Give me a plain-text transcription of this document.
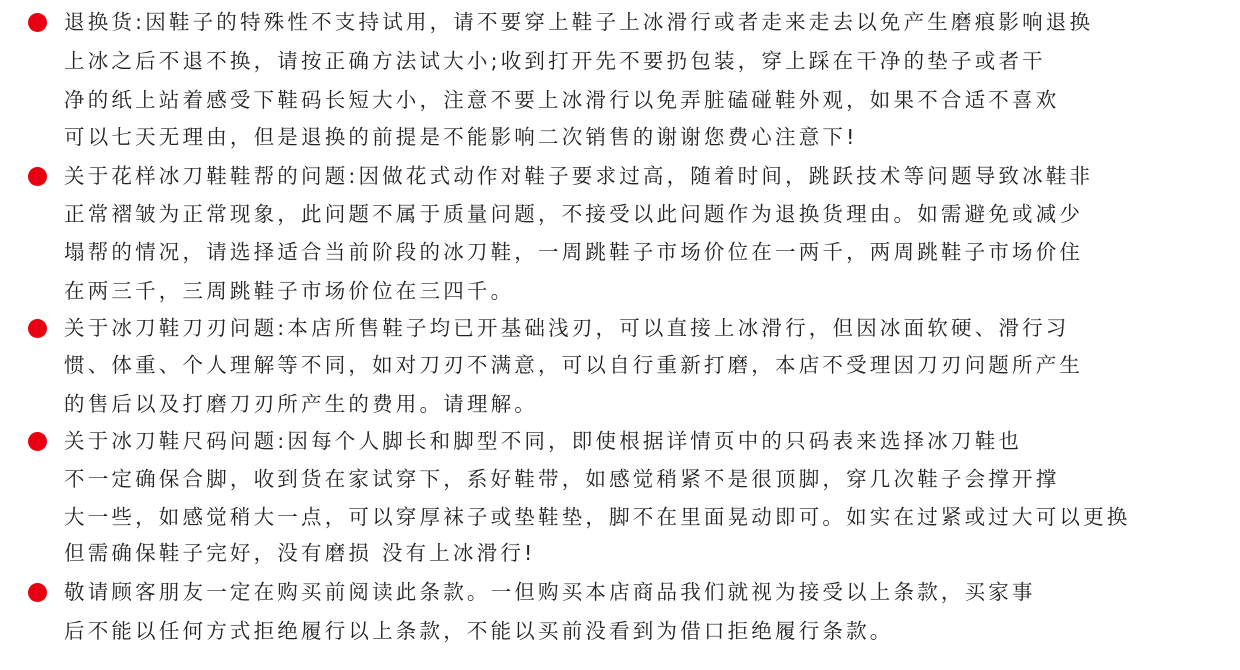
退换货:因鞋子的特殊性不支持试用，请不要穿上鞋子上冰滑行或者走来走去以免产生磨痕影响退换
上冰之后不退不换，请按正确方法试大小;收到打开先不要扔包装，穿上踩在干净的垫子或者干
净的纸上站着感受下鞋码长短大小，注意不要上冰滑行以免弄脏磕碰鞋外观，如果不合适不喜欢
可以七天无理由，但是退换的前提是不能影响二次销售的谢谢您费心注意下!
关于花样冰刀鞋鞋帮的问题:因做花式动作对鞋子要求过高，随着时间，跳跃技术等问题导致冰鞋非
正常褶皱为正常现象，此问题不属于质量问题，不接受以此问题作为退换货理由。如需避免或减少
塌帮的情况，请选择适合当前阶段的冰刀鞋，一周跳鞋子市场价位在一两千，两周跳鞋子市场价住
在两三千，三周跳鞋子市场价位在三四千。
关于冰刀鞋刀刃问题:本店所售鞋子均已开基础浅刃，可以直接上冰滑行，但因冰面软硬、滑行习
惯、体重、个人理解等不同，如对刀刃不满意，可以自行重新打磨，本店不受理因刀刃问题所产生
的售后以及打磨刀刃所产生的费用。请理解。
关于冰刀鞋尺码问题:因每个人脚长和脚型不同，即使根据详情页中的只码表来选择冰刀鞋也
不一定确保合脚，收到货在家试穿下，系好鞋带，如感觉稍紧不是很顶脚，穿几次鞋子会撑开撑
大一些，如感觉稍大一点，可以穿厚袜子或垫鞋垫，脚不在里面晃动即可。如实在过紧或过大可以更换
但需确保鞋子完好，没有磨损 没有上冰滑行!
敬请顾客朋友一定在购买前阅读此条款。一但购买本店商品我们就视为接受以上条款，买家事
后不能以任何方式拒绝履行以上条款，不能以买前没看到为借口拒绝履行条款。
